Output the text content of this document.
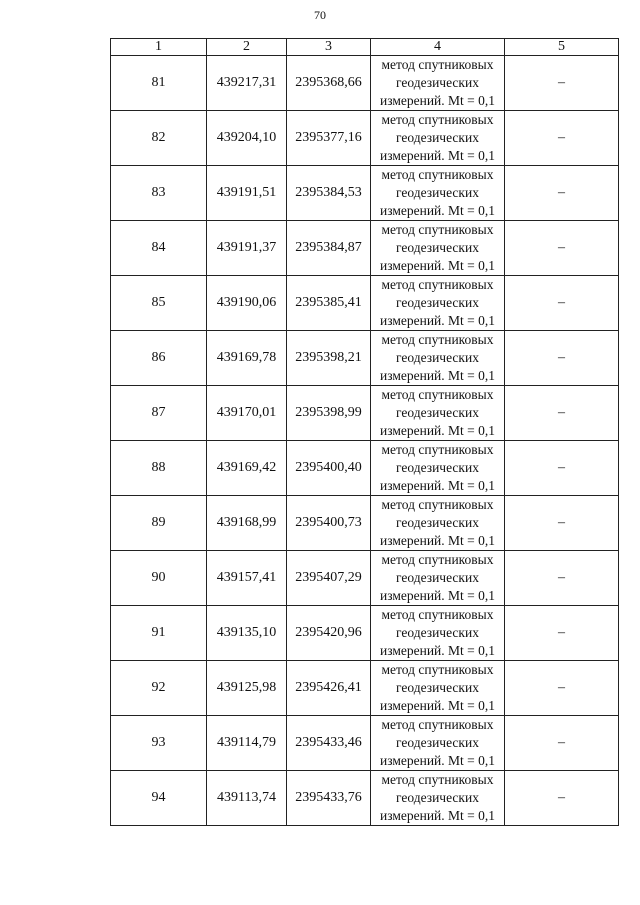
70
1	2	3	4	5
81	439217,31	2395368,66	метод спутниковых
геодезических
измерений. Mt = 0,1	–
82	439204,10	2395377,16	метод спутниковых
геодезических
измерений. Mt = 0,1	–
83	439191,51	2395384,53	метод спутниковых
геодезических
измерений. Mt = 0,1	–
84	439191,37	2395384,87	метод спутниковых
геодезических
измерений. Mt = 0,1	–
85	439190,06	2395385,41	метод спутниковых
геодезических
измерений. Mt = 0,1	–
86	439169,78	2395398,21	метод спутниковых
геодезических
измерений. Mt = 0,1	–
87	439170,01	2395398,99	метод спутниковых
геодезических
измерений. Mt = 0,1	–
88	439169,42	2395400,40	метод спутниковых
геодезических
измерений. Mt = 0,1	–
89	439168,99	2395400,73	метод спутниковых
геодезических
измерений. Mt = 0,1	–
90	439157,41	2395407,29	метод спутниковых
геодезических
измерений. Mt = 0,1	–
91	439135,10	2395420,96	метод спутниковых
геодезических
измерений. Mt = 0,1	–
92	439125,98	2395426,41	метод спутниковых
геодезических
измерений. Mt = 0,1	–
93	439114,79	2395433,46	метод спутниковых
геодезических
измерений. Mt = 0,1	–
94	439113,74	2395433,76	метод спутниковых
геодезических
измерений. Mt = 0,1	–
